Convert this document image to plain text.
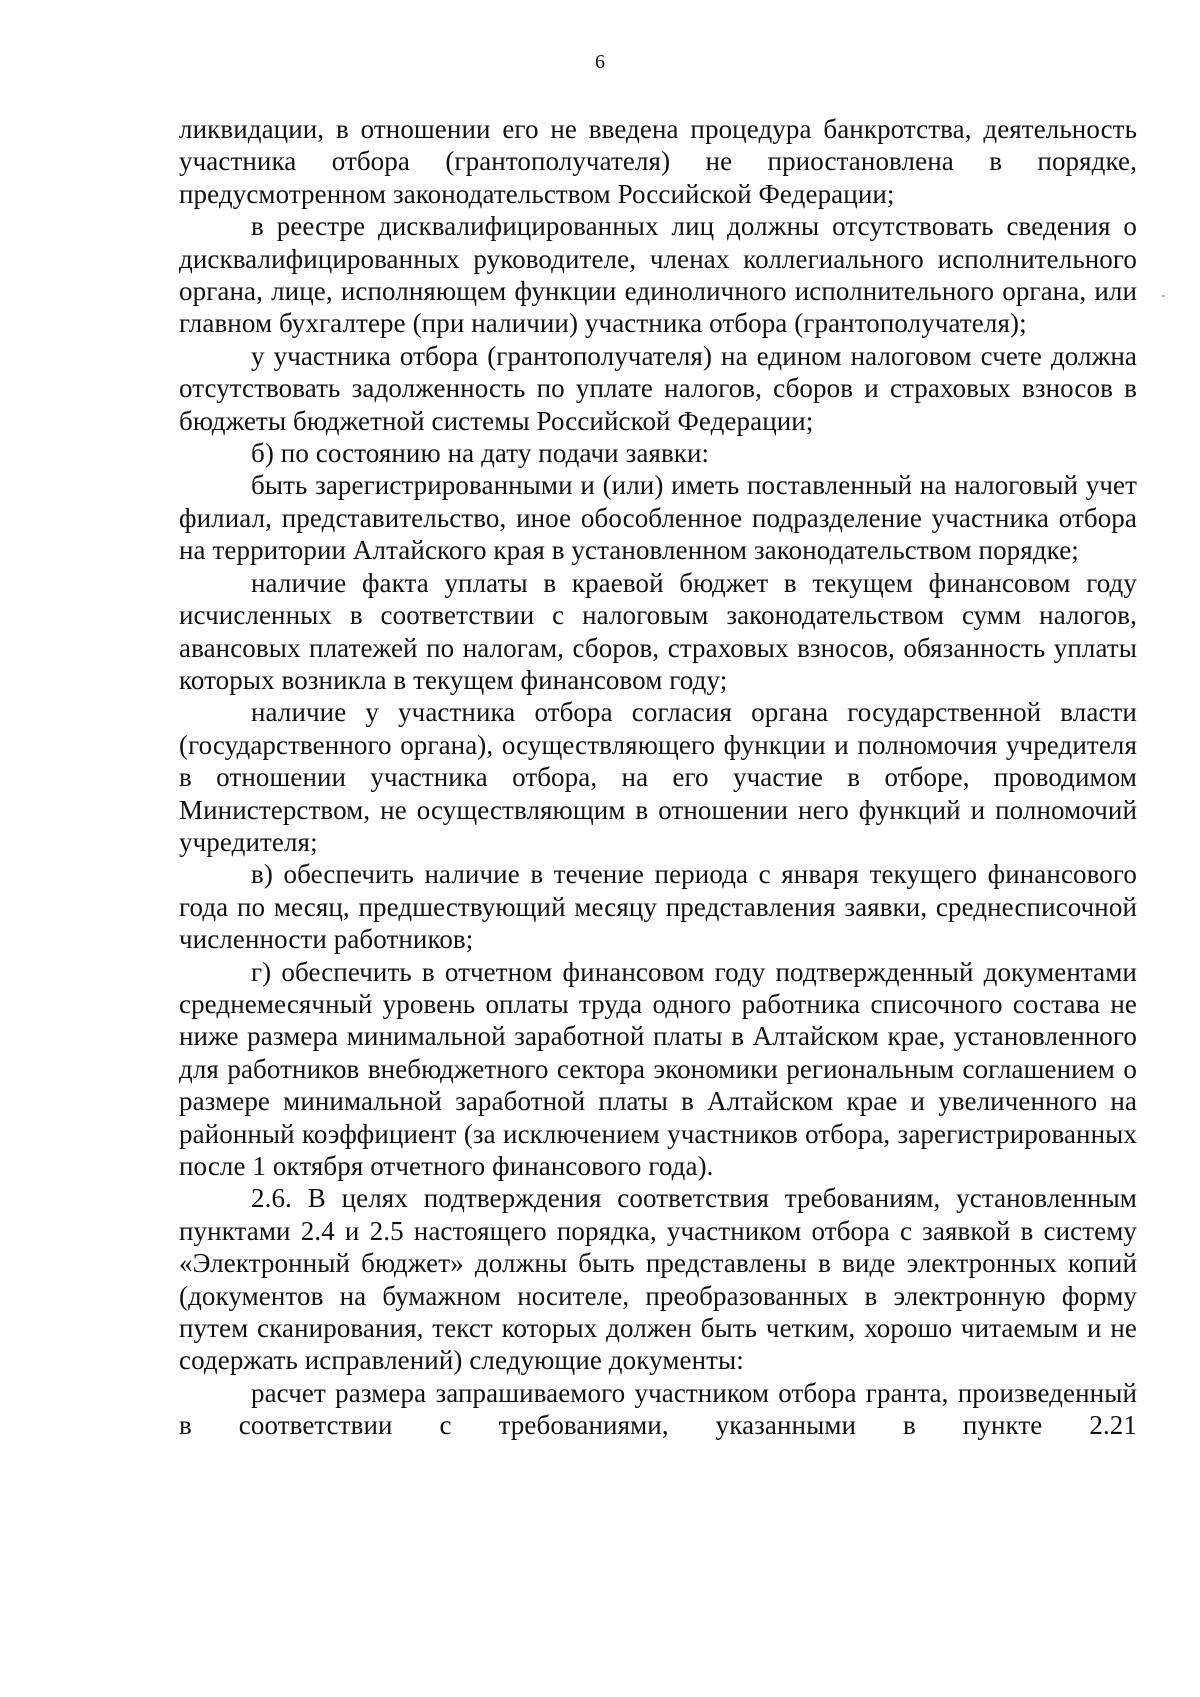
6

ликвидации, в отношении его не введена процедура банкротства, деятельность участника отбора (грантополучателя) не приостановлена в порядке, предусмотренном законодательством Российской Федерации;

в реестре дисквалифицированных лиц должны отсутствовать сведения о дисквалифицированных руководителе, членах коллегиального исполнительного органа, лице, исполняющем функции единоличного исполнительного органа, или главном бухгалтере (при наличии) участника отбора (грантополучателя);

у участника отбора (грантополучателя) на едином налоговом счете должна отсутствовать задолженность по уплате налогов, сборов и страховых взносов в бюджеты бюджетной системы Российской Федерации;

б) по состоянию на дату подачи заявки:

быть зарегистрированными и (или) иметь поставленный на налоговый учет филиал, представительство, иное обособленное подразделение участника отбора на территории Алтайского края в установленном законодательством порядке;

наличие факта уплаты в краевой бюджет в текущем финансовом году исчисленных в соответствии с налоговым законодательством сумм налогов, авансовых платежей по налогам, сборов, страховых взносов, обязанность уплаты которых возникла в текущем финансовом году;

наличие у участника отбора согласия органа государственной власти (государственного органа), осуществляющего функции и полномочия учредителя в отношении участника отбора, на его участие в отборе, проводимом Министерством, не осуществляющим в отношении него функций и полномочий учредителя;

в) обеспечить наличие в течение периода с января текущего финансового года по месяц, предшествующий месяцу представления заявки, среднесписочной численности работников;

г) обеспечить в отчетном финансовом году подтвержденный документами среднемесячный уровень оплаты труда одного работника списочного состава не ниже размера минимальной заработной платы в Алтайском крае, установленного для работников внебюджетного сектора экономики региональным соглашением о размере минимальной заработной платы в Алтайском крае и увеличенного на районный коэффициент (за исключением участников отбора, зарегистрированных после 1 октября отчетного финансового года).

2.6. В целях подтверждения соответствия требованиям, установленным пунктами 2.4 и 2.5 настоящего порядка, участником отбора с заявкой в систему «Электронный бюджет» должны быть представлены в виде электронных копий (документов на бумажном носителе, преобразованных в электронную форму путем сканирования, текст которых должен быть четким, хорошо читаемым и не содержать исправлений) следующие документы:

расчет размера запрашиваемого участником отбора гранта, произведенный в соответствии с требованиями, указанными в пункте 2.21
